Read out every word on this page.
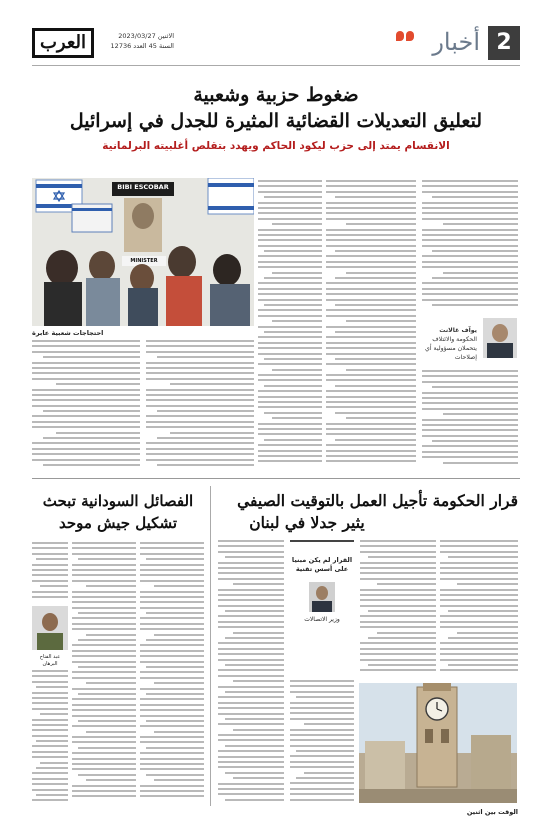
العرب	الاثنين 2023/03/27
السنة 45 العدد 12736	2
أخبار
ضغوط حزبية وشعبية
لتعليق التعديلات القضائية المثيرة للجدل في إسرائيل
الانقسام يمتد إلى حزب ليكود الحاكم ويهدد بتقلص أغلبيته البرلمانية
BIBI ESCOBAR
MINISTER
احتجاجات شعبية عابرة	يوآف غالانت
الحكومة والائتلاف يتحملان مسؤولية أي إصلاحات
قرار الحكومة تأجيل العمل بالتوقيت الصيفي
يثير جدلا في لبنان
القرار لم يكن مبنيا على أسس تقنية
وزير الاتصالات
الوقت بين اثنين
الفصائل السودانية تبحث
تشكيل جيش موحد
عبد الفتاح البرهان
